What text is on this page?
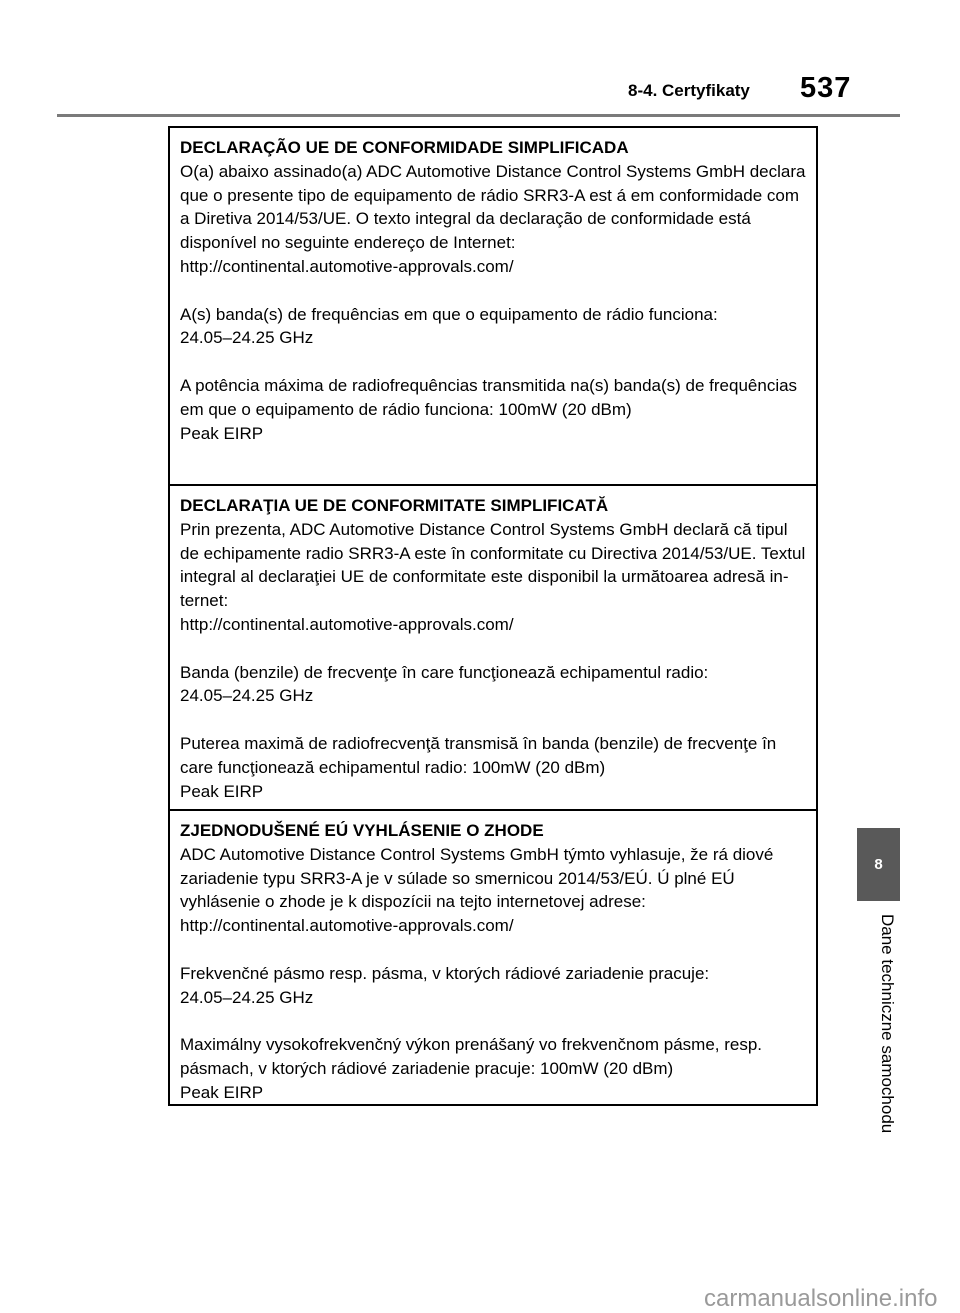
8-4. Certyfikaty 537

DECLARAÇÃO UE DE CONFORMIDADE SIMPLIFICADA

O(a) abaixo assinado(a) ADC Automotive Distance Control Systems GmbH declara que o presente tipo de equipamento de rádio SRR3-A est á em conformidade com a Diretiva 2014/53/UE. O texto integral da declaração de conformidade está disponível no seguinte endereço de Internet:

http://continental.automotive-approvals.com/

A(s) banda(s) de frequências em que o equipamento de rádio funciona:

24.05–24.25 GHz

A potência máxima de radiofrequências transmitida na(s) banda(s) de frequências em que o equipamento de rádio funciona: 100mW (20 dBm)

Peak EIRP

DECLARAŢIA UE DE CONFORMITATE SIMPLIFICATĂ

Prin prezenta, ADC Automotive Distance Control Systems GmbH declară că tipul de echipamente radio SRR3-A este în conformitate cu Directiva 2014/53/UE. Textul integral al declaraţiei UE de conformitate este disponibil la următoarea adresă in-ternet:

http://continental.automotive-approvals.com/

Banda (benzile) de frecvenţe în care funcţionează echipamentul radio:

24.05–24.25 GHz

Puterea maximă de radiofrecvenţă transmisă în banda (benzile) de frecvenţe în care funcţionează echipamentul radio: 100mW (20 dBm)

Peak EIRP

ZJEDNODUŠENÉ EÚ VYHLÁSENIE O ZHODE

ADC Automotive Distance Control Systems GmbH týmto vyhlasuje, že rá diové zariadenie typu SRR3-A je v súlade so smernicou 2014/53/EÚ. Ú plné EÚ vyhlásenie o zhode je k dispozícii na tejto internetovej adrese:

http://continental.automotive-approvals.com/

Frekvenčné pásmo resp. pásma, v ktorých rádiové zariadenie pracuje:

24.05–24.25 GHz

Maximálny vysokofrekvenčný výkon prenášaný vo frekvenčnom pásme, resp. pásmach, v ktorých rádiové zariadenie pracuje: 100mW (20 dBm)

Peak EIRP

8
Dane techniczne samochodu
carmanualsonline.info
